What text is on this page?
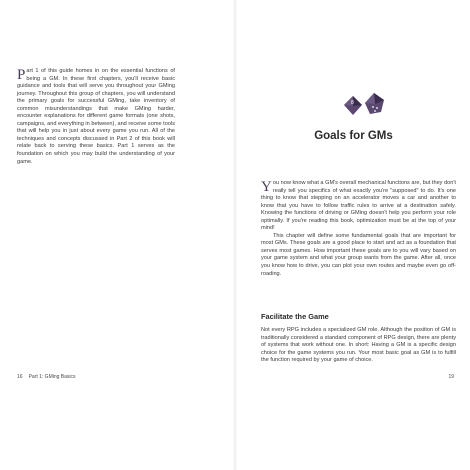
Part 1 of this guide homes in on the essential functions of being a GM. In these first chapters, you'll receive basic guidance and tools that will serve you throughout your GMing journey. Throughout this group of chapters, you will understand the primary goals for successful GMing, take inventory of common misunderstandings that make GMing harder, encounter explanations for different game formats (one shots, campaigns, and everything in between), and receive some tools that will help you in just about every game you run. All of the techniques and concepts discussed in Part 2 of this book will relate back to serving these basics. Part 1 serves as the foundation on which you may build the understanding of your game.

16 Part 1: GMing Basics
8
Goals for GMs

You now know what a GM's overall mechanical functions are, but they don't really tell you specifics of what exactly you're "supposed" to do. It's one thing to know that stepping on an accelerator moves a car and another to know that you have to follow traffic rules to arrive at a destination safely. Knowing the functions of driving or GMing doesn't help you perform your role optimally. If you're reading this book, optimization must be at the top of your mind!

This chapter will define some fundamental goals that are important for most GMs. These goals are a good place to start and act as a foundation that serves most games. How important these goals are to you will vary based on your game system and what your group wants from the game. After all, once you know how to drive, you can plot your own routes and maybe even go off-roading.

Facilitate the Game

Not every RPG includes a specialized GM role. Although the position of GM is traditionally considered a standard component of RPG design, there are plenty of systems that work without one. In short: Having a GM is a specific design choice for the game systems you run. Your most basic goal as GM is to fulfill the function required by your game of choice.

19
